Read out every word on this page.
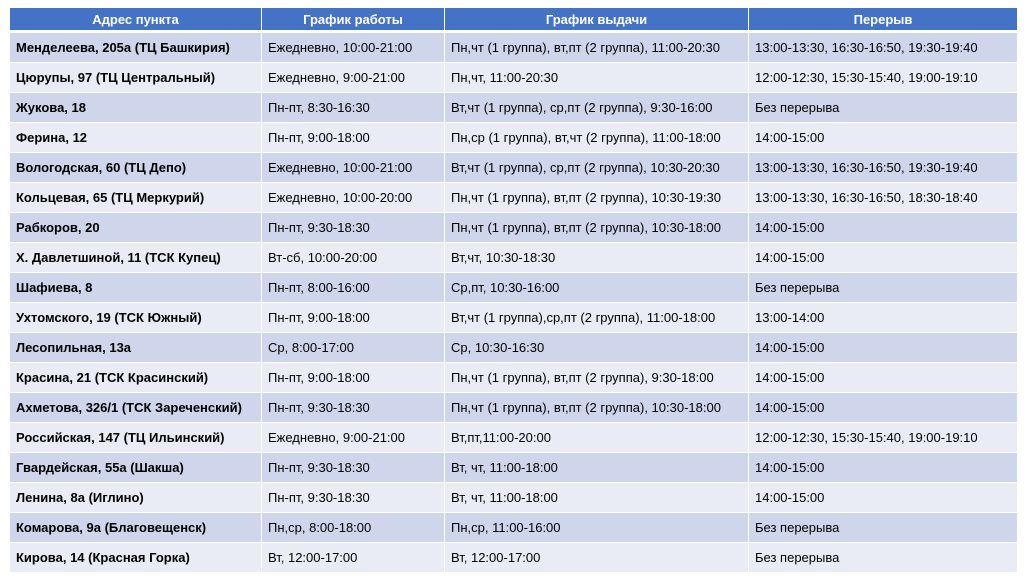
Адрес пункта	График работы	График выдачи	Перерыв
Менделеева, 205а (ТЦ Башкирия)	Ежедневно, 10:00-21:00	Пн,чт (1 группа), вт,пт (2 группа), 11:00-20:30	13:00-13:30, 16:30-16:50, 19:30-19:40
Цюрупы, 97 (ТЦ Центральный)	Ежедневно, 9:00-21:00	Пн,чт, 11:00-20:30	12:00-12:30, 15:30-15:40, 19:00-19:10
Жукова, 18	Пн-пт, 8:30-16:30	Вт,чт (1 группа), ср,пт (2 группа), 9:30-16:00	Без перерыва
Ферина, 12	Пн-пт, 9:00-18:00	Пн,ср (1 группа), вт,чт (2 группа), 11:00-18:00	14:00-15:00
Вологодская, 60 (ТЦ Депо)	Ежедневно, 10:00-21:00	Вт,чт (1 группа), ср,пт (2 группа), 10:30-20:30	13:00-13:30, 16:30-16:50, 19:30-19:40
Кольцевая, 65 (ТЦ Меркурий)	Ежедневно, 10:00-20:00	Пн,чт (1 группа), вт,пт (2 группа), 10:30-19:30	13:00-13:30, 16:30-16:50, 18:30-18:40
Рабкоров, 20	Пн-пт, 9:30-18:30	Пн,чт (1 группа), вт,пт (2 группа), 10:30-18:00	14:00-15:00
Х. Давлетшиной, 11 (ТСК Купец)	Вт-сб, 10:00-20:00	Вт,чт, 10:30-18:30	14:00-15:00
Шафиева, 8	Пн-пт, 8:00-16:00	Ср,пт, 10:30-16:00	Без перерыва
Ухтомского, 19 (ТСК Южный)	Пн-пт, 9:00-18:00	Вт,чт (1 группа),ср,пт (2 группа), 11:00-18:00	13:00-14:00
Лесопильная, 13а	Ср, 8:00-17:00	Ср, 10:30-16:30	14:00-15:00
Красина, 21 (ТСК Красинский)	Пн-пт, 9:00-18:00	Пн,чт (1 группа), вт,пт (2 группа), 9:30-18:00	14:00-15:00
Ахметова, 326/1 (ТСК Зареченский)	Пн-пт, 9:30-18:30	Пн,чт (1 группа), вт,пт (2 группа), 10:30-18:00	14:00-15:00
Российская, 147 (ТЦ Ильинский)	Ежедневно, 9:00-21:00	Вт,пт,11:00-20:00	12:00-12:30, 15:30-15:40, 19:00-19:10
Гвардейская, 55а (Шакша)	Пн-пт, 9:30-18:30	Вт, чт, 11:00-18:00	14:00-15:00
Ленина, 8а (Иглино)	Пн-пт, 9:30-18:30	Вт, чт, 11:00-18:00	14:00-15:00
Комарова, 9а (Благовещенск)	Пн,ср, 8:00-18:00	Пн,ср, 11:00-16:00	Без перерыва
Кирова, 14 (Красная Горка)	Вт, 12:00-17:00	Вт, 12:00-17:00	Без перерыва
